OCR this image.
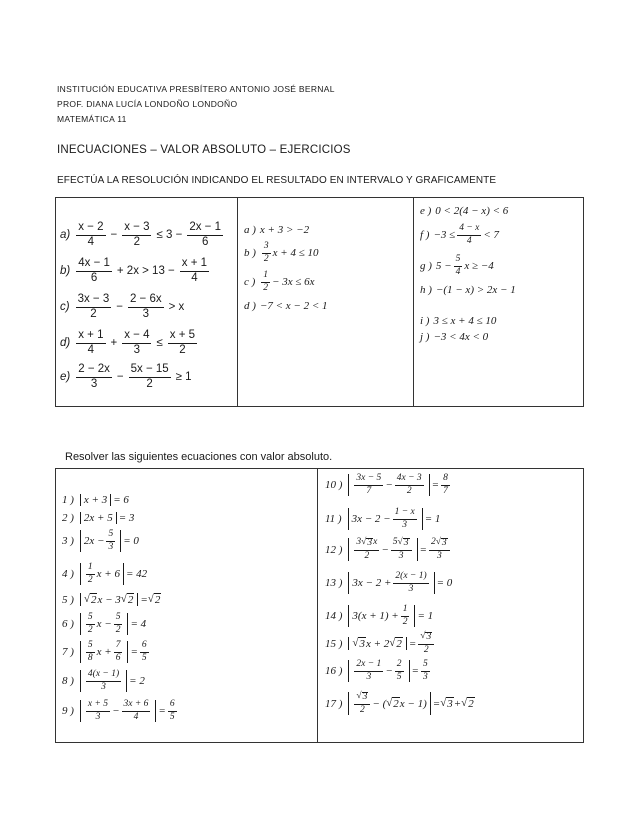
INSTITUCIÓN EDUCATIVA PRESBÍTERO ANTONIO JOSÉ BERNAL
PROF. DIANA LUCÍA LONDOÑO LONDOÑO
MATEMÁTICA 11
INECUACIONES – VALOR ABSOLUTO – EJERCICIOS
EFECTÚA LA RESOLUCIÓN INDICANDO EL RESULTADO EN INTERVALO Y GRAFICAMENTE
$a) \frac{x - 2}{4} - \frac{x - 3}{2} \le 3 - \frac{2x - 1}{6}$
$b) \frac{4x - 1}{6} + 2x > 13 - \frac{x + 1}{4}$
$c) \frac{3x - 3}{2} - \frac{2 - 6x}{3} > x$
$d) \frac{x + 1}{4} + \frac{x - 4}{3} \le \frac{x + 5}{2}$
$e) \frac{2 - 2x}{3} - \frac{5x - 15}{2} \ge 1$
a ) x + 3 > −2
b ) $\frac{3}{2}$ x + 4 ≤ 10
c ) $\frac{1}{2} - 3x \le 6x$
d ) −7 < x − 2 < 1
e ) 0 < 2(4 − x) < 6
f ) $-3 \le \frac{4 - x}{4} < 7$
g ) $5 - \frac{5}{4}$ x ≥ −4
h ) −(1 − x) > 2x − 1
i ) 3 ≤ x + 4 ≤ 10
j ) −3 < 4x < 0
Resolver las siguientes ecuaciones con valor absoluto.
1 ) x + 3 = 6
2 ) 2x + 5 = 3
3 ) $2x - \frac{5}{3} = 0$
4 ) $\frac{1}{2}$ x + 6 = 42
5 ) √ 2 x − 3 √ 2 = √ 2
6 ) $\frac{5}{2}$ $x - \frac{5}{2} = 4$
7 ) $\frac{5}{8}$ $x + \frac{7}{6} = \frac{6}{5}$
8 ) $\frac{4(x - 1)}{3} = 2$
9 ) $\frac{x + 5}{3} - \frac{3x + 6}{4} = \frac{6}{5}$
10 ) $\frac{3x - 5}{7} - \frac{4x - 3}{2} = \frac{8}{7}$
11 ) $3x - 2 - \frac{1 - x}{3} = 1$
12 ) $\frac{3 √ 3 x}{2} - \frac{5 √ 3}{3} = \frac{2 √ 3}{3}$
13 ) $3x - 2 + \frac{2(x - 1)}{3} = 0$
14 ) $3(x + 1) + \frac{1}{2} = 1$
15 ) √ 3 x + 2 √ $2 = \frac{√ 3}{2}$
16 ) $\frac{2x - 1}{3} - \frac{2}{5} = \frac{5}{3}$
17 ) $\frac{√ 3}{2}$ − ( √ 2 x − 1) = √ 3 + √ 2
